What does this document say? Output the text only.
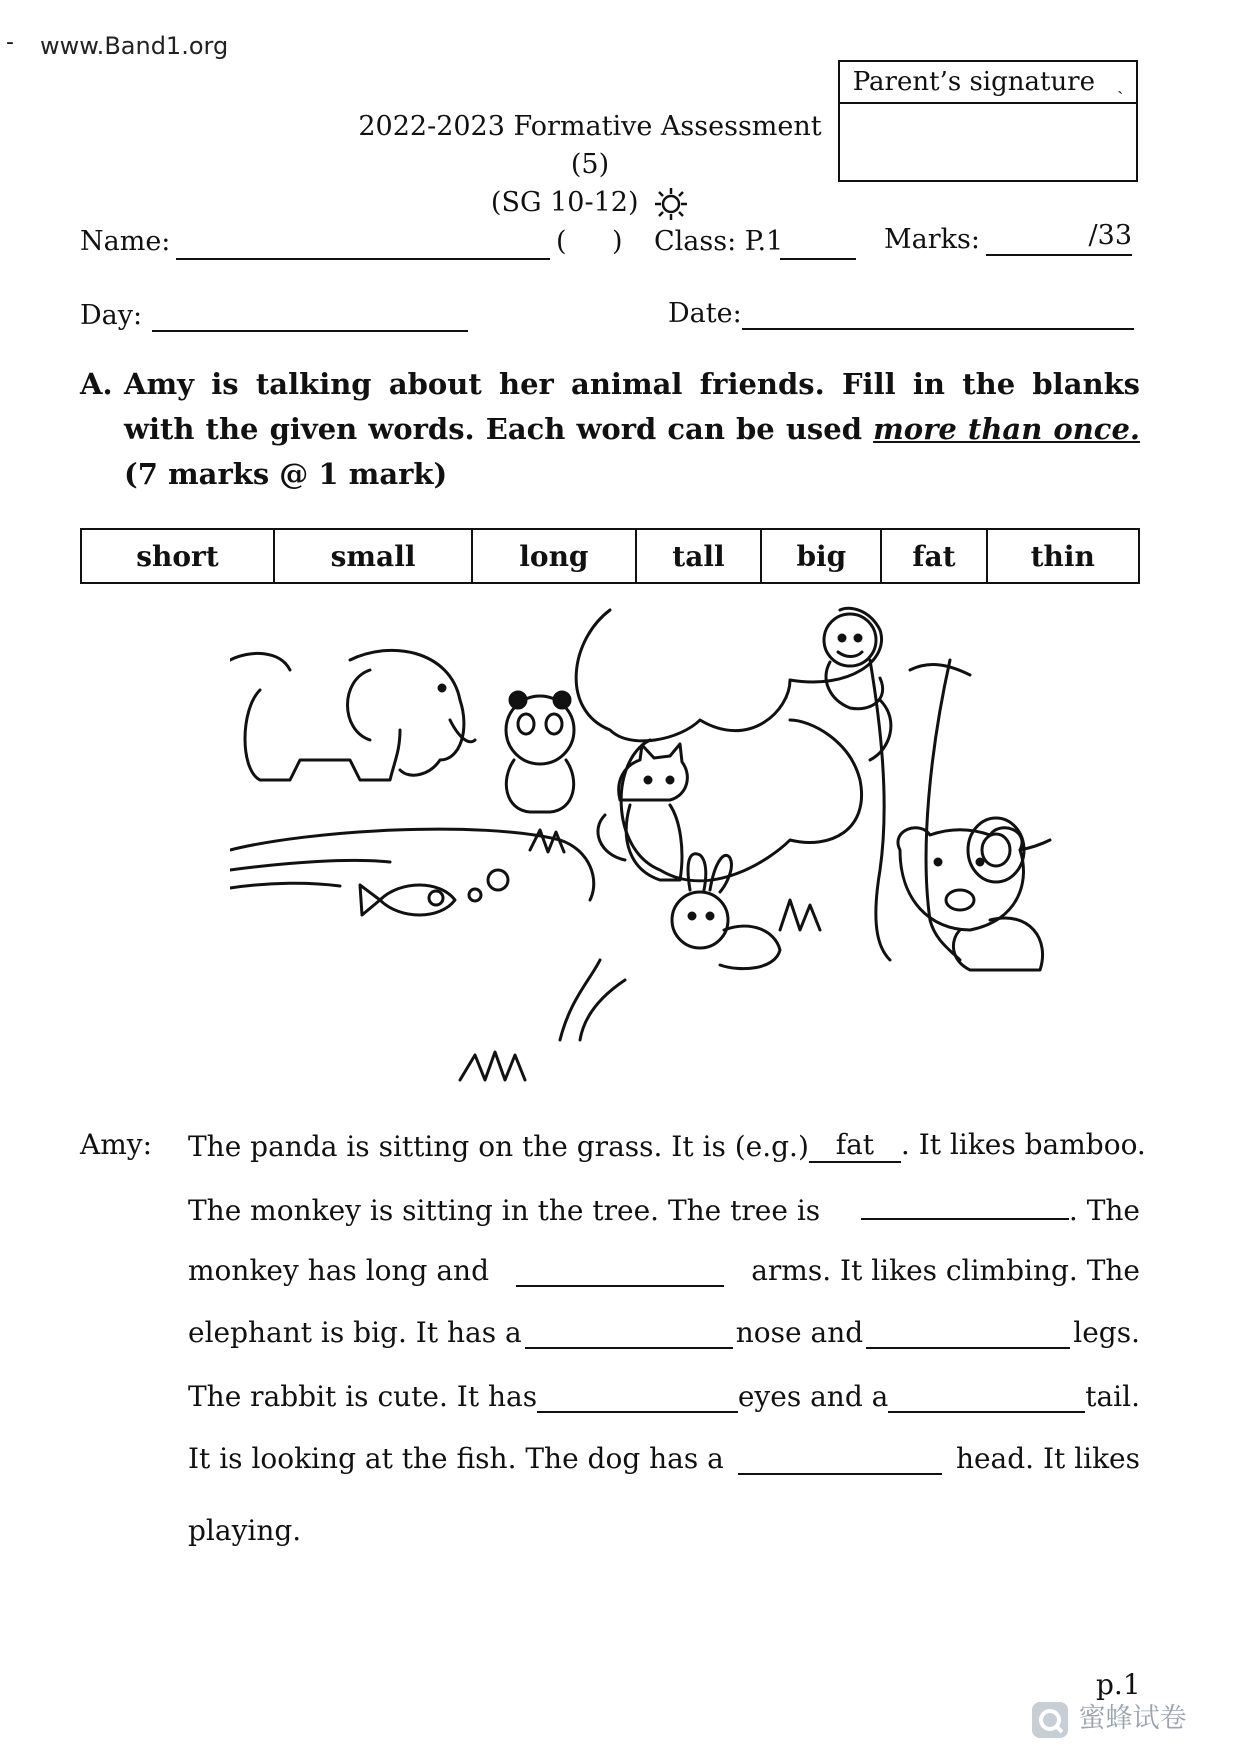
- www.Band1.org
Parent’s signature ˎ
2022-2023 Formative Assessment (5)
(SG 10-12)
Name:	( ) Class: P.1	Marks:	/33
Day:	Date:
A. Amy is talking about her animal friends. Fill in the blanks with the given words. Each word can be used more than once. (7 marks @ 1 mark)
short	small	long	tall	big	fat	thin
Amy: The panda is sitting on the grass. It is (e.g.) fat . It likes bamboo.
The monkey is sitting in the tree. The tree is	. The
monkey has long and	arms. It likes climbing. The
elephant is big. It has a	nose and	legs.
The rabbit is cute. It has	eyes and a	tail.
It is looking at the fish. The dog has a	head. It likes
playing.
p.1
蜜蜂试卷
